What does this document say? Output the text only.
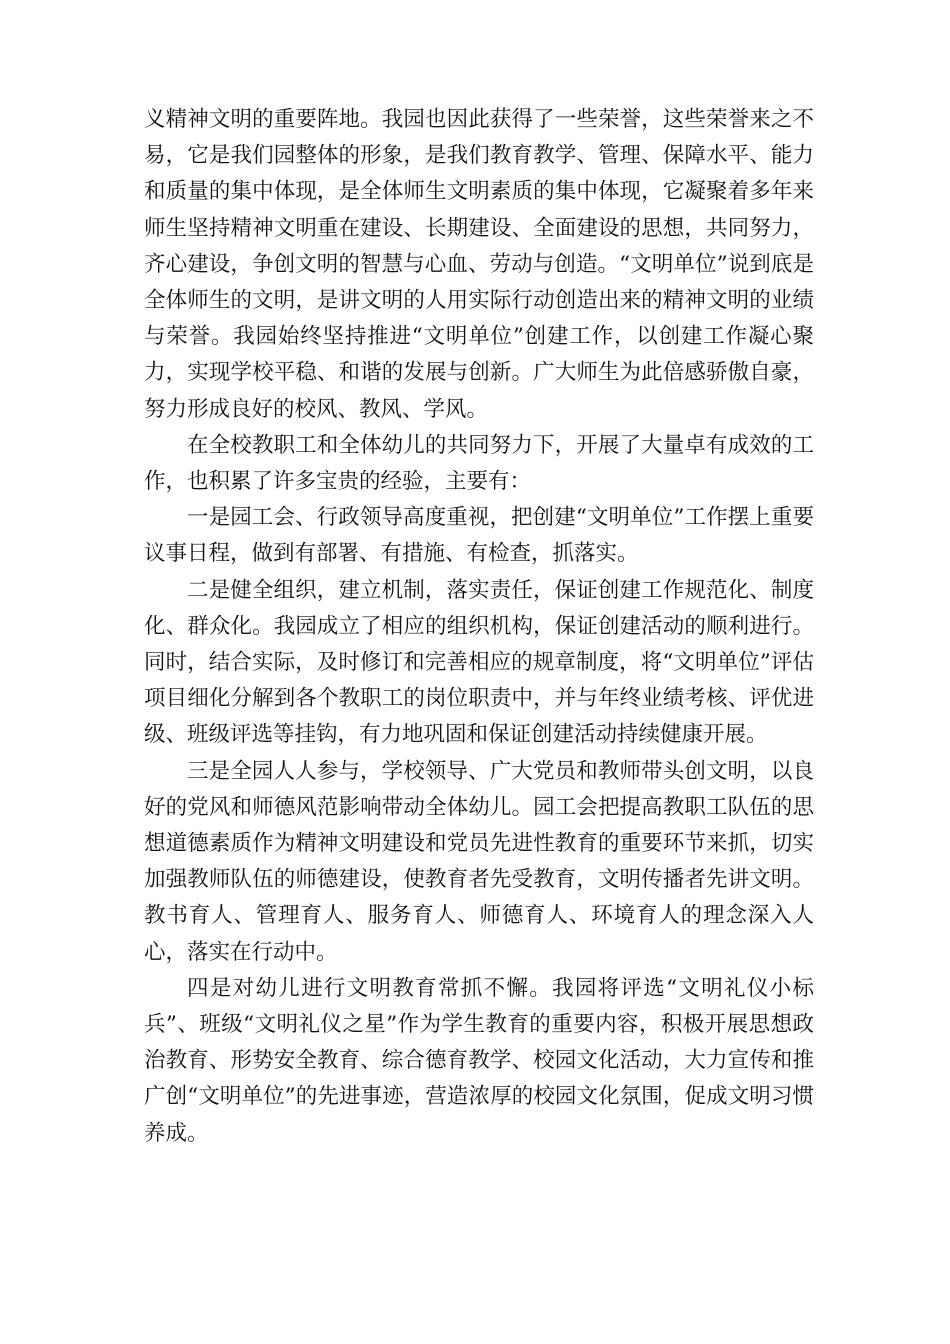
义精神文明的重要阵地。我园也因此获得了一些荣誉，这些荣誉来之不易，它是我们园整体的形象，是我们教育教学、管理、保障水平、能力和质量的集中体现，是全体师生文明素质的集中体现，它凝聚着多年来师生坚持精神文明重在建设、长期建设、全面建设的思想，共同努力，齐心建设，争创文明的智慧与心血、劳动与创造。“文明单位”说到底是全体师生的文明，是讲文明的人用实际行动创造出来的精神文明的业绩与荣誉。我园始终坚持推进“文明单位”创建工作，以创建工作凝心聚力，实现学校平稳、和谐的发展与创新。广大师生为此倍感骄傲自豪，努力形成良好的校风、教风、学风。

在全校教职工和全体幼儿的共同努力下，开展了大量卓有成效的工作，也积累了许多宝贵的经验，主要有：

一是园工会、行政领导高度重视，把创建“文明单位”工作摆上重要议事日程，做到有部署、有措施、有检查，抓落实。

二是健全组织，建立机制，落实责任，保证创建工作规范化、制度化、群众化。我园成立了相应的组织机构，保证创建活动的顺利进行。同时，结合实际，及时修订和完善相应的规章制度，将“文明单位”评估项目细化分解到各个教职工的岗位职责中，并与年终业绩考核、评优进级、班级评选等挂钩，有力地巩固和保证创建活动持续健康开展。

三是全园人人参与，学校领导、广大党员和教师带头创文明，以良好的党风和师德风范影响带动全体幼儿。园工会把提高教职工队伍的思想道德素质作为精神文明建设和党员先进性教育的重要环节来抓，切实加强教师队伍的师德建设，使教育者先受教育，文明传播者先讲文明。教书育人、管理育人、服务育人、师德育人、环境育人的理念深入人心，落实在行动中。

四是对幼儿进行文明教育常抓不懈。我园将评选“文明礼仪小标兵”、班级“文明礼仪之星”作为学生教育的重要内容，积极开展思想政治教育、形势安全教育、综合德育教学、校园文化活动，大力宣传和推广创“文明单位”的先进事迹，营造浓厚的校园文化氛围，促成文明习惯养成。
